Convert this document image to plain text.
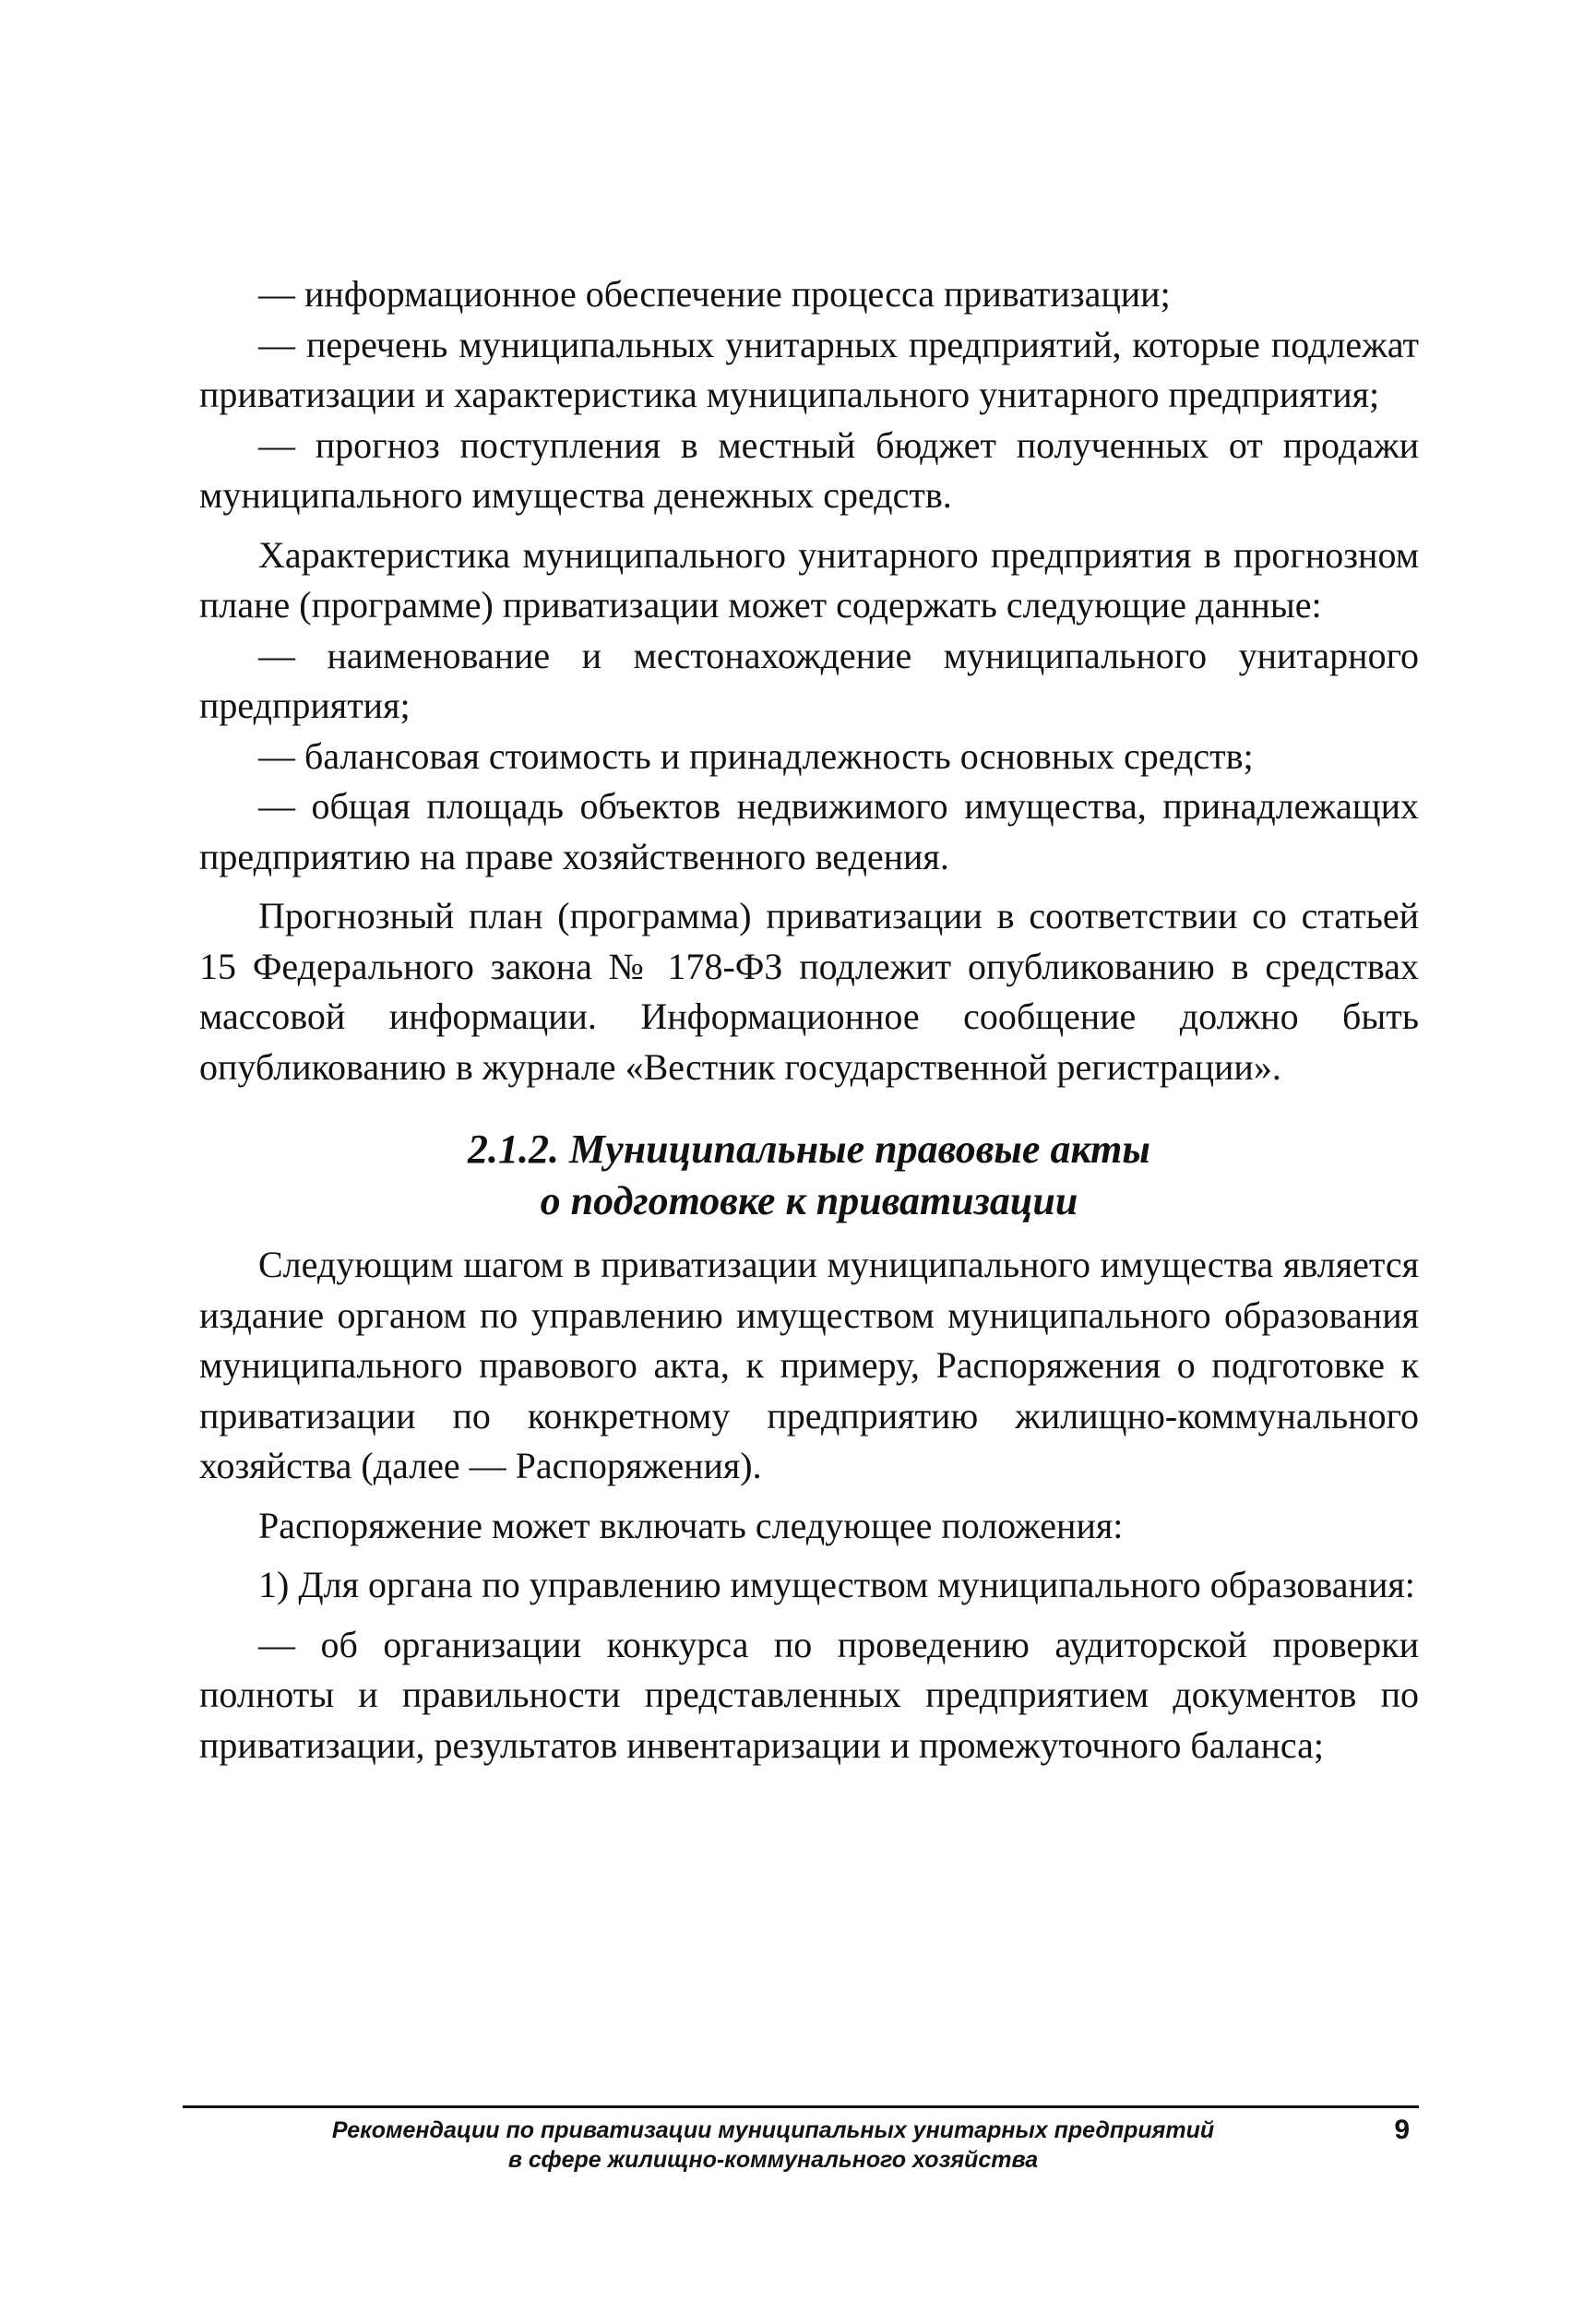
— информационное обеспечение процесса приватизации;

— перечень муниципальных унитарных предприятий, которые подлежат приватизации и характеристика муниципального унитарного предприятия;

— прогноз поступления в местный бюджет полученных от продажи муниципального имущества денежных средств.

Характеристика муниципального унитарного предприятия в прогнозном плане (программе) приватизации может содержать следующие данные:

— наименование и местонахождение муниципального унитарного предприятия;

— балансовая стоимость и принадлежность основных средств;

— общая площадь объектов недвижимого имущества, принадлежащих предприятию на праве хозяйственного ведения.

Прогнозный план (программа) приватизации в соответствии со статьей 15 Федерального закона № 178-ФЗ подлежит опубликованию в средствах массовой информации. Информационное сообщение должно быть опубликованию в журнале «Вестник государственной регистрации».

2.1.2. Муниципальные правовые акты
о подготовке к приватизации

Следующим шагом в приватизации муниципального имущества является издание органом по управлению имуществом муниципального образования муниципального правового акта, к примеру, Распоряжения о подготовке к приватизации по конкретному предприятию жилищно-коммунального хозяйства (далее — Распоряжения).

Распоряжение может включать следующее положения:

1) Для органа по управлению имуществом муниципального образования:

— об организации конкурса по проведению аудиторской проверки полноты и правильности представленных предприятием документов по приватизации, результатов инвентаризации и промежуточного баланса;

Рекомендации по приватизации муниципальных унитарных предприятий
в сфере жилищно-коммунального хозяйства
9
